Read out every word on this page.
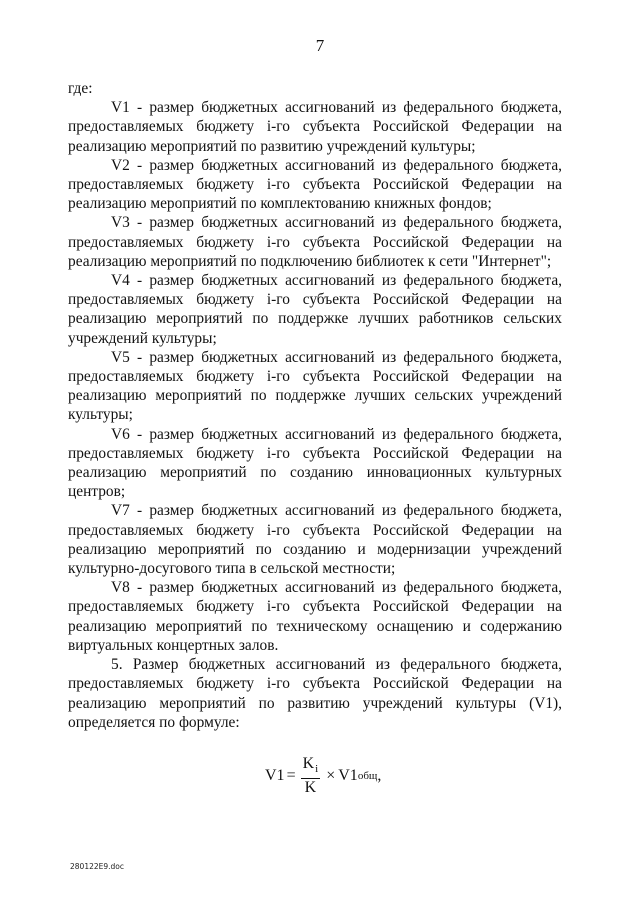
7

где:

V1 - размер бюджетных ассигнований из федерального бюджета, предоставляемых бюджету i-го субъекта Российской Федерации на реализацию мероприятий по развитию учреждений культуры;

V2 - размер бюджетных ассигнований из федерального бюджета, предоставляемых бюджету i-го субъекта Российской Федерации на реализацию мероприятий по комплектованию книжных фондов;

V3 - размер бюджетных ассигнований из федерального бюджета, предоставляемых бюджету i-го субъекта Российской Федерации на реализацию мероприятий по подключению библиотек к сети "Интернет";

V4 - размер бюджетных ассигнований из федерального бюджета, предоставляемых бюджету i-го субъекта Российской Федерации на реализацию мероприятий по поддержке лучших работников сельских учреждений культуры;

V5 - размер бюджетных ассигнований из федерального бюджета, предоставляемых бюджету i-го субъекта Российской Федерации на реализацию мероприятий по поддержке лучших сельских учреждений культуры;

V6 - размер бюджетных ассигнований из федерального бюджета, предоставляемых бюджету i-го субъекта Российской Федерации на реализацию мероприятий по созданию инновационных культурных центров;

V7 - размер бюджетных ассигнований из федерального бюджета, предоставляемых бюджету i-го субъекта Российской Федерации на реализацию мероприятий по созданию и модернизации учреждений культурно-досугового типа в сельской местности;

V8 - размер бюджетных ассигнований из федерального бюджета, предоставляемых бюджету i-го субъекта Российской Федерации на реализацию мероприятий по техническому оснащению и содержанию виртуальных концертных залов.

5. Размер бюджетных ассигнований из федерального бюджета, предоставляемых бюджету i-го субъекта Российской Федерации на реализацию мероприятий по развитию учреждений культуры (V1), определяется по формуле:

$V1 = \frac{K_i}{K} \times V1$ общ ,
280122E9.doc
